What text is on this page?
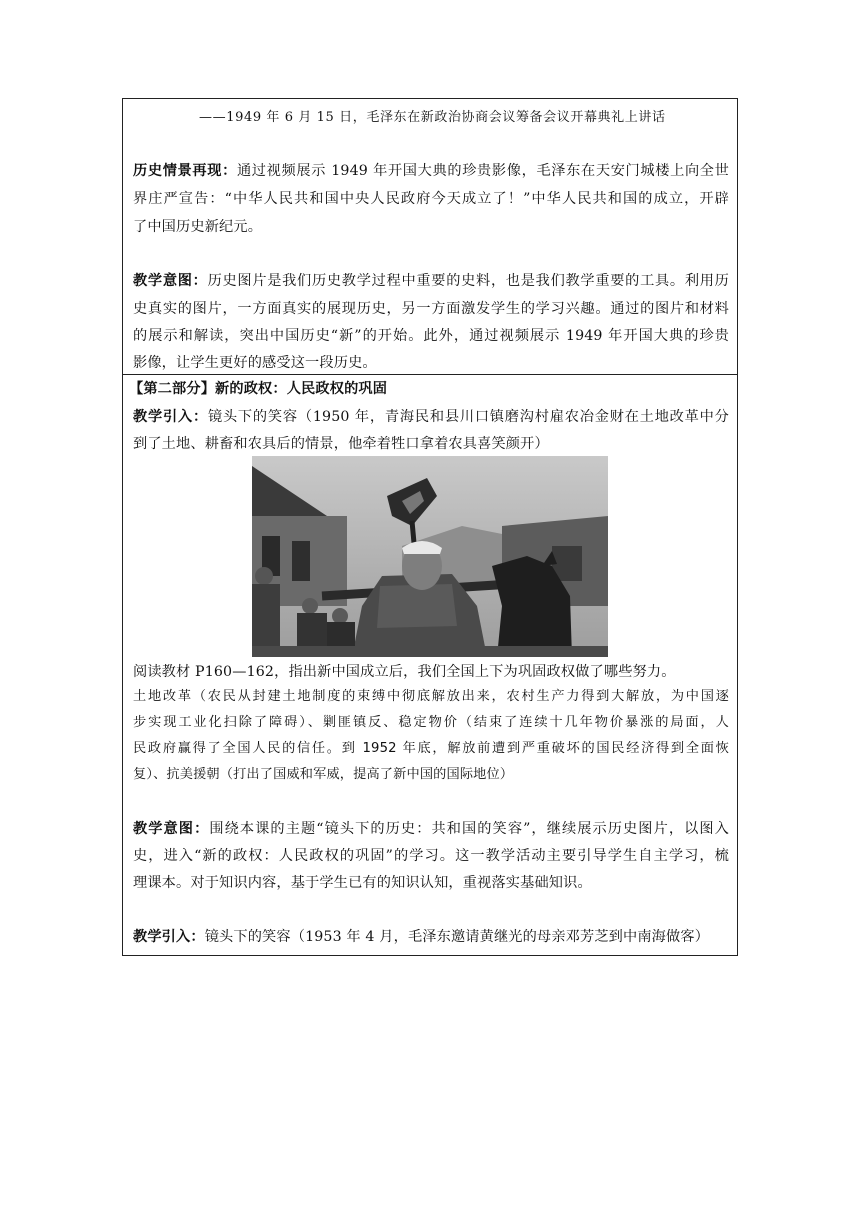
——1949 年 6 月 15 日，毛泽东在新政治协商会议筹备会议开幕典礼上讲话
历史情景再现：通过视频展示 1949 年开国大典的珍贵影像，毛泽东在天安门城楼上向全世
界庄严宣告：“中华人民共和国中央人民政府今天成立了！”中华人民共和国的成立，开辟
了中国历史新纪元。
教学意图：历史图片是我们历史教学过程中重要的史料，也是我们教学重要的工具。利用历
史真实的图片，一方面真实的展现历史，另一方面激发学生的学习兴趣。通过的图片和材料
的展示和解读，突出中国历史“新”的开始。此外，通过视频展示 1949 年开国大典的珍贵
影像，让学生更好的感受这一段历史。
【第二部分】新的政权：人民政权的巩固
教学引入：镜头下的笑容（1950 年，青海民和县川口镇磨沟村雇农冶金财在土地改革中分
到了土地、耕畜和农具后的情景，他牵着牲口拿着农具喜笑颜开）
阅读教材 P160—162，指出新中国成立后，我们全国上下为巩固政权做了哪些努力。
土地改革（农民从封建土地制度的束缚中彻底解放出来，农村生产力得到大解放，为中国逐
步实现工业化扫除了障碍）、剿匪镇反、稳定物价（结束了连续十几年物价暴涨的局面，人
民政府赢得了全国人民的信任。到 1952 年底，解放前遭到严重破坏的国民经济得到全面恢
复）、抗美援朝（打出了国威和军威，提高了新中国的国际地位）
教学意图：围绕本课的主题“镜头下的历史：共和国的笑容”，继续展示历史图片，以图入
史，进入“新的政权：人民政权的巩固”的学习。这一教学活动主要引导学生自主学习，梳
理课本。对于知识内容，基于学生已有的知识认知，重视落实基础知识。
教学引入：镜头下的笑容（1953 年 4 月，毛泽东邀请黄继光的母亲邓芳芝到中南海做客）
